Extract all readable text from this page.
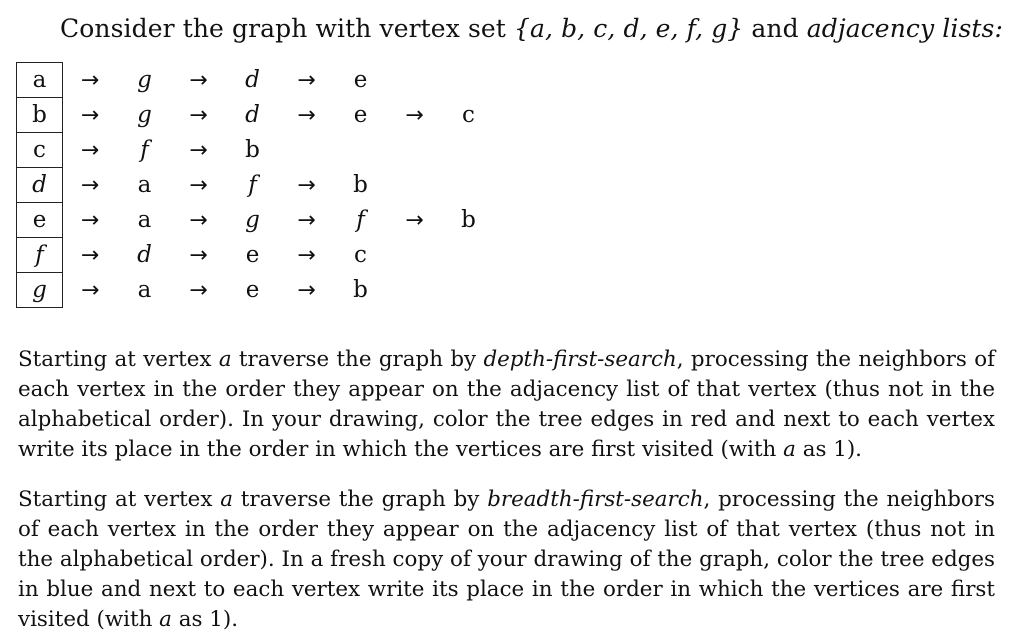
Consider the graph with vertex set {a, b, c, d, e, f, g} and adjacency lists:
a	→	g	→	d	→	e		
b	→	g	→	d	→	e	→	c
c	→	f	→	b				
d	→	a	→	f	→	b		
e	→	a	→	g	→	f	→	b
f	→	d	→	e	→	c		
g	→	a	→	e	→	b		

Starting at vertex a traverse the graph by depth-first-search, processing the neighbors of each vertex in the order they appear on the adjacency list of that vertex (thus not in the alphabetical order). In your drawing, color the tree edges in red and next to each vertex write its place in the order in which the vertices are first visited (with a as 1).

Starting at vertex a traverse the graph by breadth-first-search, processing the neighbors of each vertex in the order they appear on the adjacency list of that vertex (thus not in the alphabetical order). In a fresh copy of your drawing of the graph, color the tree edges in blue and next to each vertex write its place in the order in which the vertices are first visited (with a as 1).
